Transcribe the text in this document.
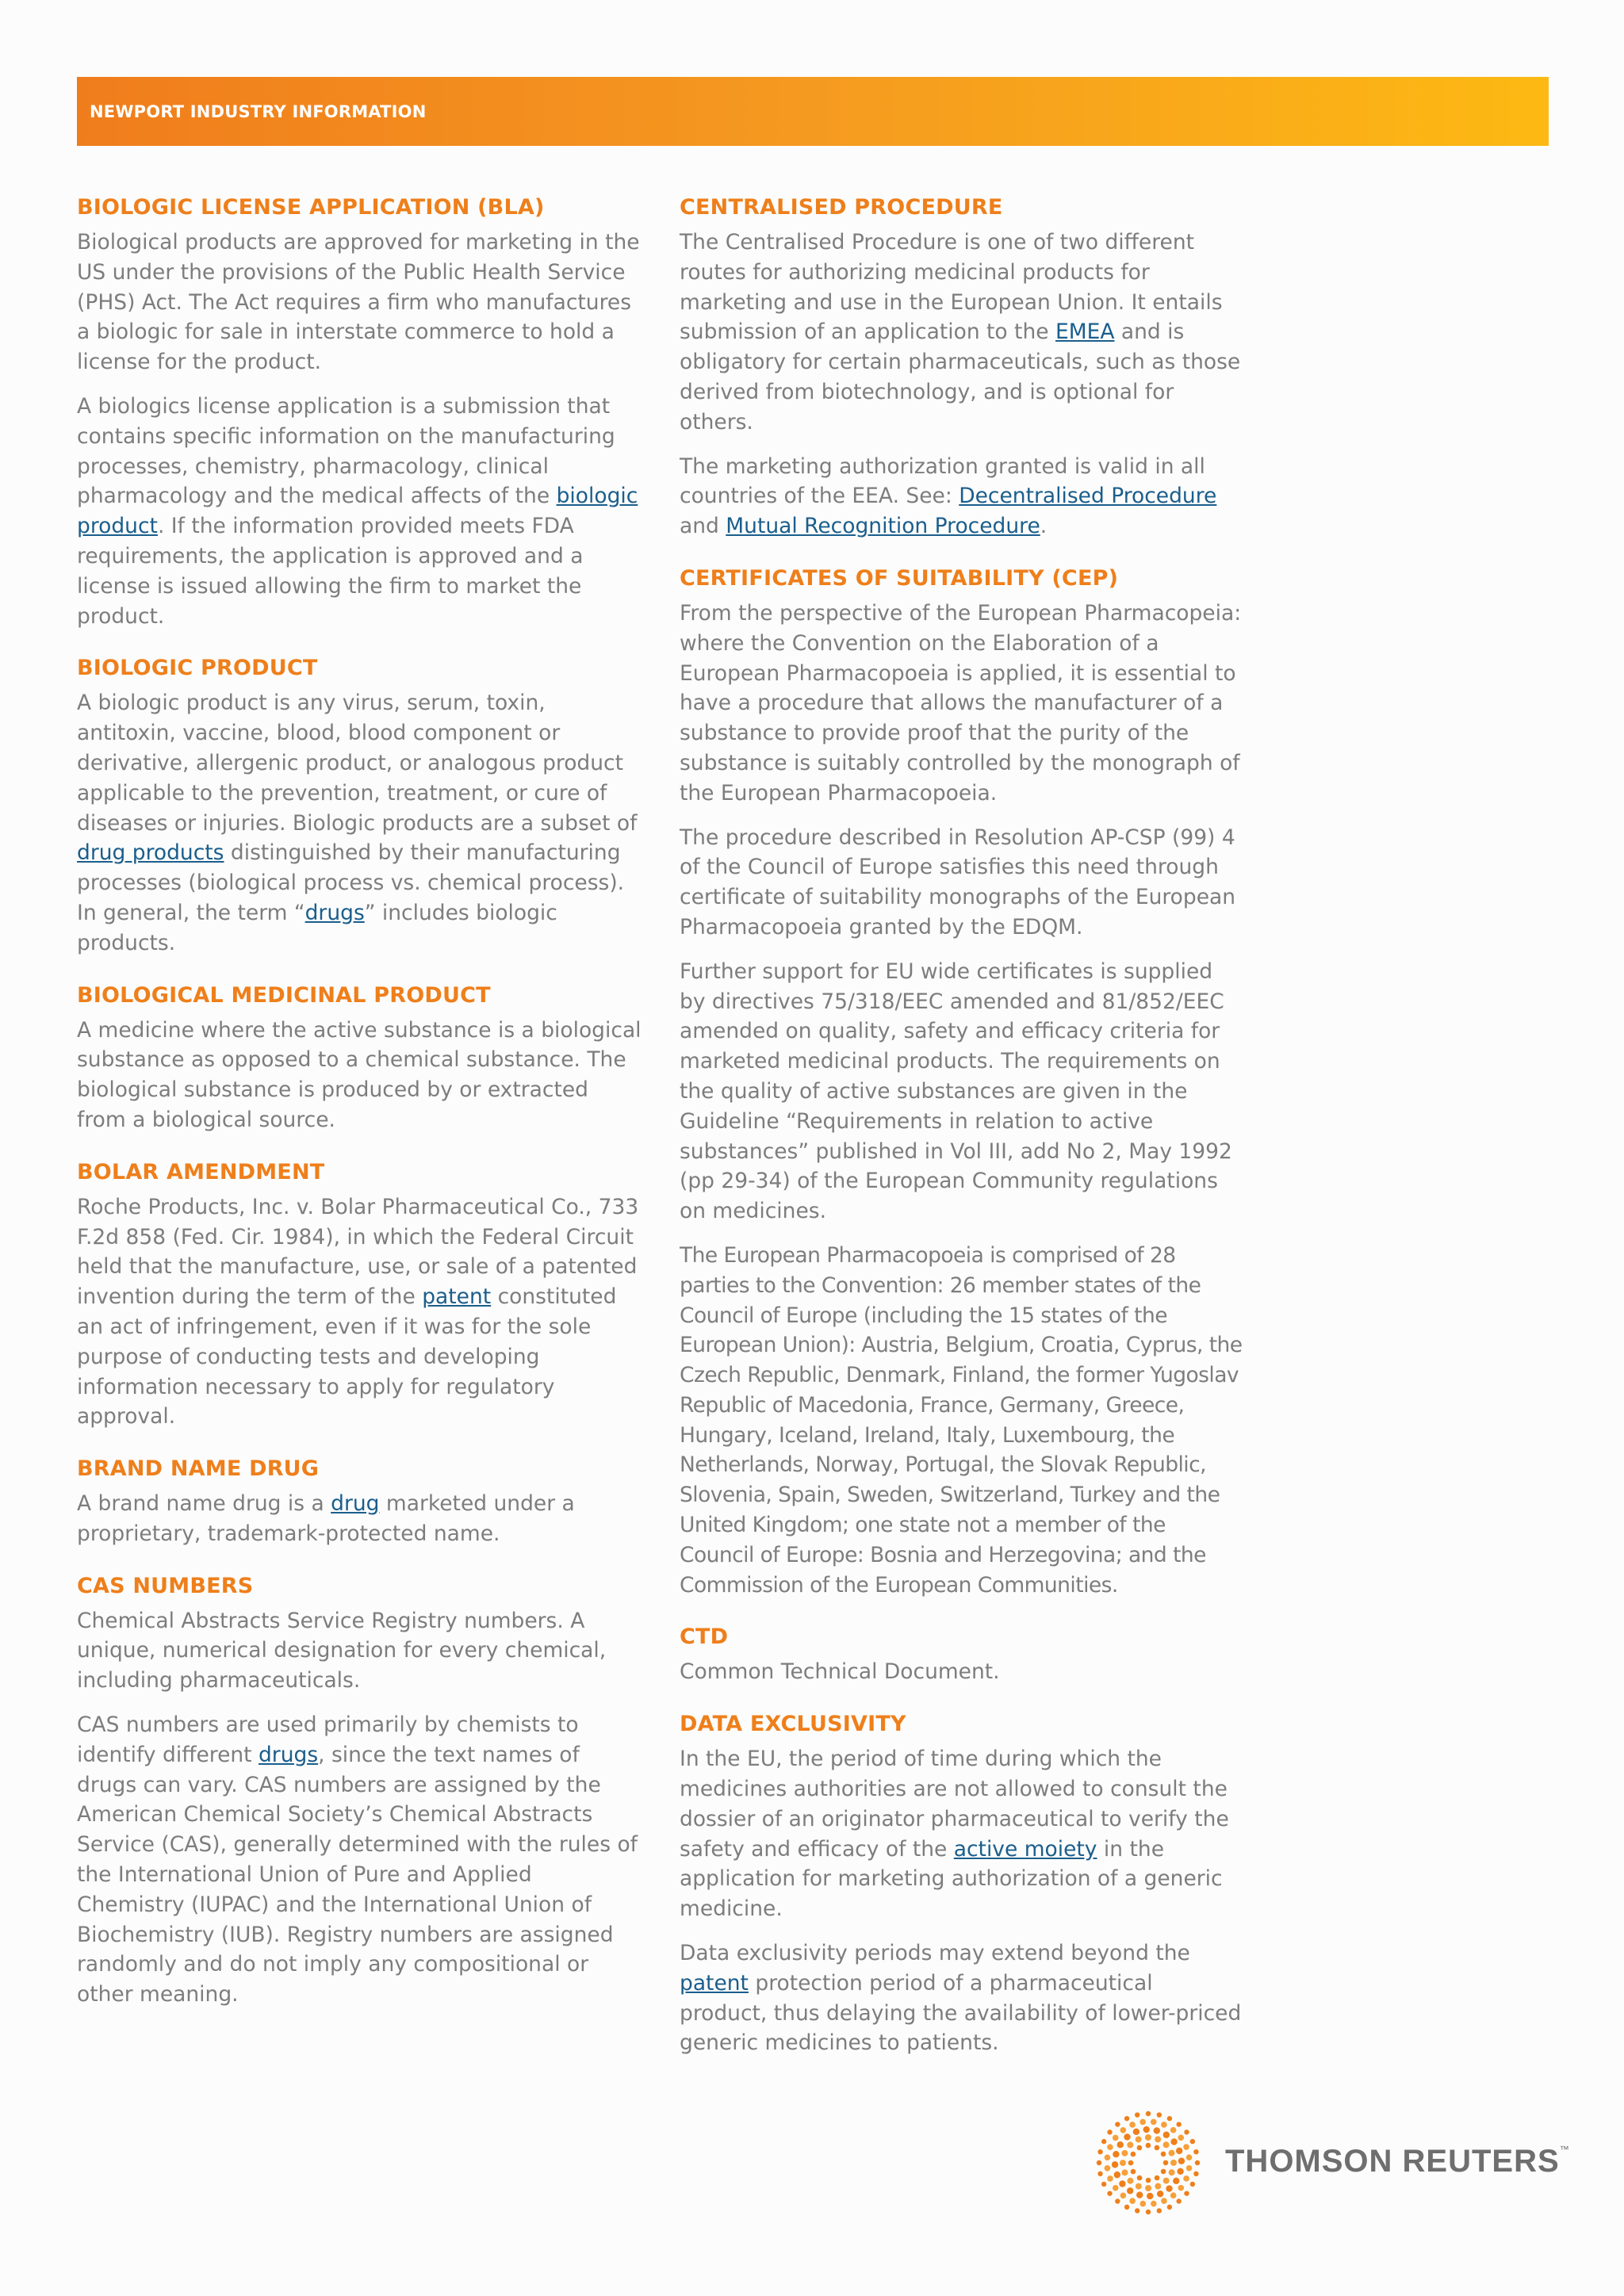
NEWPORT INDUSTRY INFORMATION
BIOLOGIC LICENSE APPLICATION (BLA)

Biological products are approved for marketing in the US under the provisions of the Public Health Service (PHS) Act. The Act requires a firm who manufactures a biologic for sale in interstate commerce to hold a license for the product.

A biologics license application is a submission that contains specific information on the manufacturing processes, chemistry, pharmacology, clinical pharmacology and the medical affects of the biologic product. If the information provided meets FDA requirements, the application is approved and a license is issued allowing the firm to market the product.

BIOLOGIC PRODUCT

A biologic product is any virus, serum, toxin, antitoxin, vaccine, blood, blood component or derivative, allergenic product, or analogous product applicable to the prevention, treatment, or cure of diseases or injuries. Biologic products are a subset of drug products distinguished by their manufacturing processes (biological process vs. chemical process). In general, the term “drugs” includes biologic products.

BIOLOGICAL MEDICINAL PRODUCT

A medicine where the active substance is a biological substance as opposed to a chemical substance. The biological substance is produced by or extracted from a biological source.

BOLAR AMENDMENT

Roche Products, Inc. v. Bolar Pharmaceutical Co., 733 F.2d 858 (Fed. Cir. 1984), in which the Federal Circuit held that the manufacture, use, or sale of a patented invention during the term of the patent constituted an act of infringement, even if it was for the sole purpose of conducting tests and developing information necessary to apply for regulatory approval.

BRAND NAME DRUG

A brand name drug is a drug marketed under a proprietary, trademark-protected name.

CAS NUMBERS

Chemical Abstracts Service Registry numbers. A unique, numerical designation for every chemical, including pharmaceuticals.

CAS numbers are used primarily by chemists to identify different drugs, since the text names of drugs can vary. CAS numbers are assigned by the American Chemical Society’s Chemical Abstracts Service (CAS), generally determined with the rules of the International Union of Pure and Applied Chemistry (IUPAC) and the International Union of Biochemistry (IUB). Registry numbers are assigned randomly and do not imply any compositional or other meaning.

CENTRALISED PROCEDURE

The Centralised Procedure is one of two different routes for authorizing medicinal products for marketing and use in the European Union. It entails submission of an application to the EMEA and is obligatory for certain pharmaceuticals, such as those derived from biotechnology, and is optional for others.

The marketing authorization granted is valid in all countries of the EEA. See: Decentralised Procedure and Mutual Recognition Procedure.

CERTIFICATES OF SUITABILITY (CEP)

From the perspective of the European Pharmacopeia: where the Convention on the Elaboration of a European Pharmacopoeia is applied, it is essential to have a procedure that allows the manufacturer of a substance to provide proof that the purity of the substance is suitably controlled by the monograph of the European Pharmacopoeia.

The procedure described in Resolution AP-CSP (99) 4 of the Council of Europe satisfies this need through certificate of suitability monographs of the European Pharmacopoeia granted by the EDQM.

Further support for EU wide certificates is supplied by directives 75/318/EEC amended and 81/852/EEC amended on quality, safety and efficacy criteria for marketed medicinal products. The requirements on the quality of active substances are given in the Guideline “Requirements in relation to active substances” published in Vol III, add No 2, May 1992 (pp 29-34) of the European Community regulations on medicines.

The European Pharmacopoeia is comprised of 28 parties to the Convention: 26 member states of the Council of Europe (including the 15 states of the European Union): Austria, Belgium, Croatia, Cyprus, the Czech Republic, Denmark, Finland, the former Yugoslav Republic of Macedonia, France, Germany, Greece, Hungary, Iceland, Ireland, Italy, Luxembourg, the Netherlands, Norway, Portugal, the Slovak Republic, Slovenia, Spain, Sweden, Switzerland, Turkey and the United Kingdom; one state not a member of the Council of Europe: Bosnia and Herzegovina; and the Commission of the European Communities.

CTD

Common Technical Document.

DATA EXCLUSIVITY

In the EU, the period of time during which the medicines authorities are not allowed to consult the dossier of an originator pharmaceutical to verify the safety and efficacy of the active moiety in the application for marketing authorization of a generic medicine.

Data exclusivity periods may extend beyond the patent protection period of a pharmaceutical product, thus delaying the availability of lower-priced generic medicines to patients.

THOMSON REUTERS™
